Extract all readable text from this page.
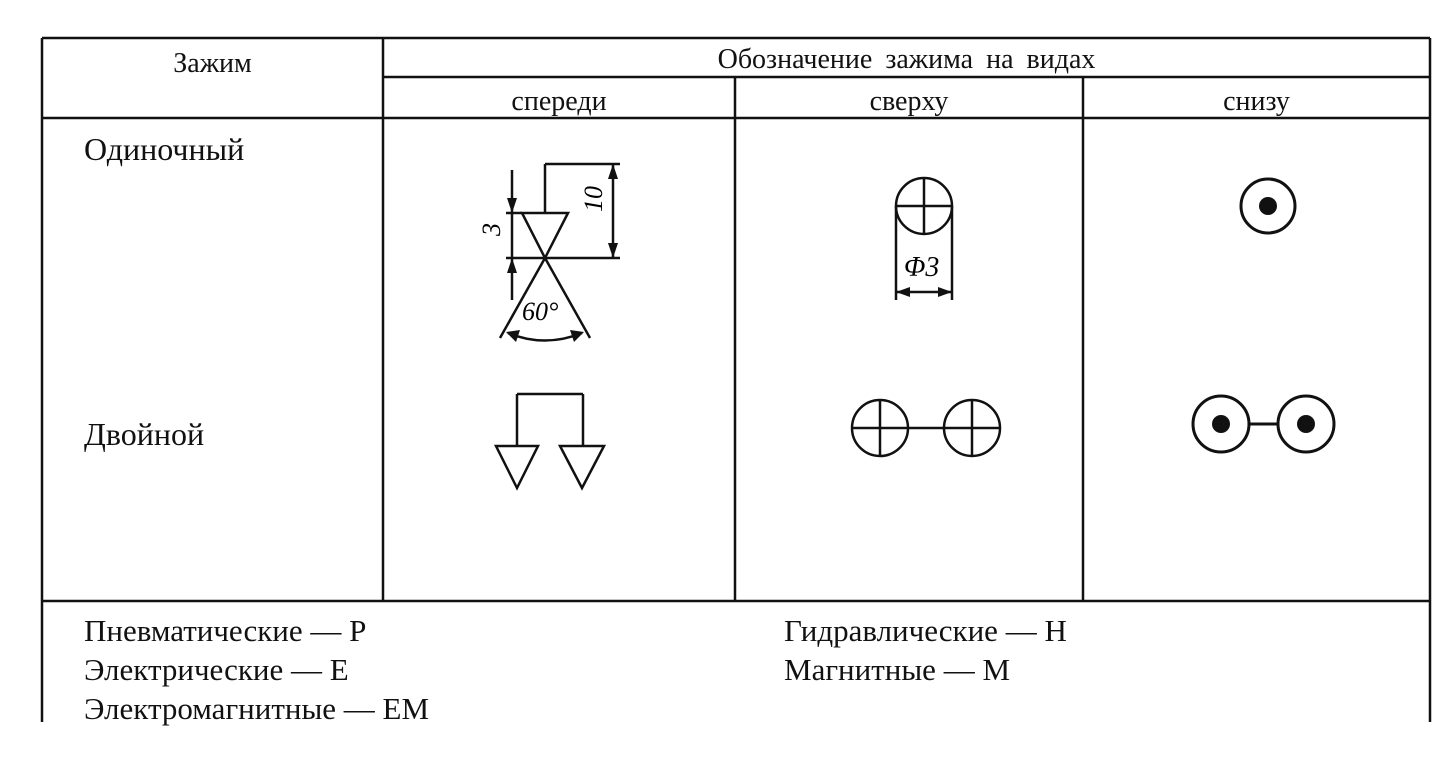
Зажим	Обозначение зажима на видах
спереди	сверху	снизу
Одиночный
Двойной
3
10
60°
Φ3
Пневматические — P
Электрические — E
Электромагнитные — EM
Гидравлические — H
Магнитные — M
